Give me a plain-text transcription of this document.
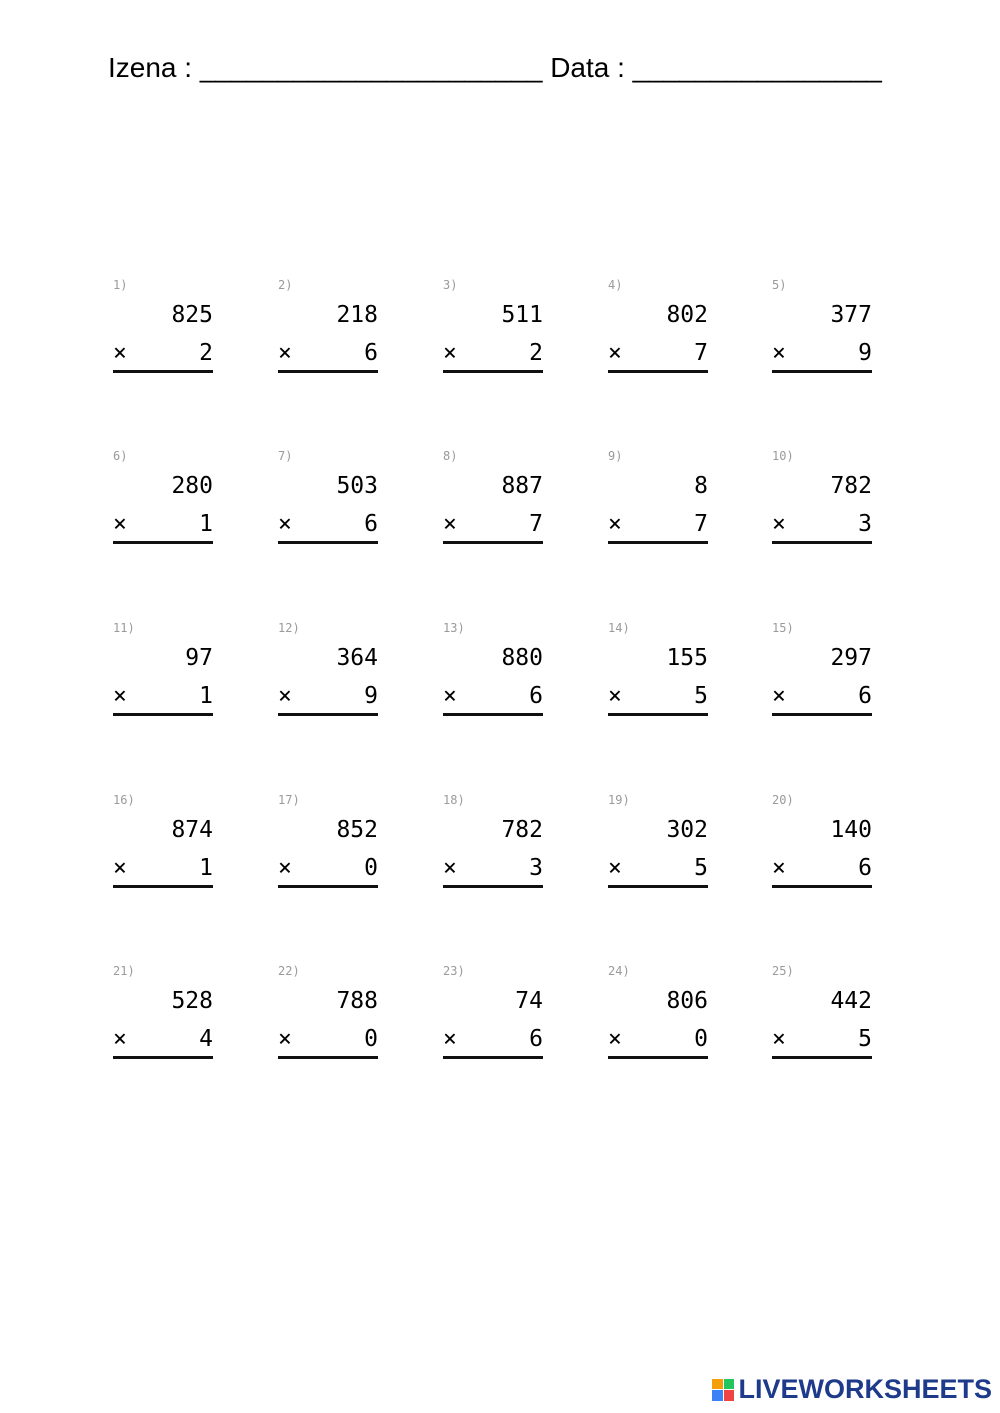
Izena : ______________________ Data : ________________
1)
825
×	2
2)
218
×	6
3)
511
×	2
4)
802
×	7
5)
377
×	9
6)
280
×	1
7)
503
×	6
8)
887
×	7
9)
8
×	7
10)
782
×	3
11)
97
×	1
12)
364
×	9
13)
880
×	6
14)
155
×	5
15)
297
×	6
16)
874
×	1
17)
852
×	0
18)
782
×	3
19)
302
×	5
20)
140
×	6
21)
528
×	4
22)
788
×	0
23)
74
×	6
24)
806
×	0
25)
442
×	5
LIVEWORKSHEETS
